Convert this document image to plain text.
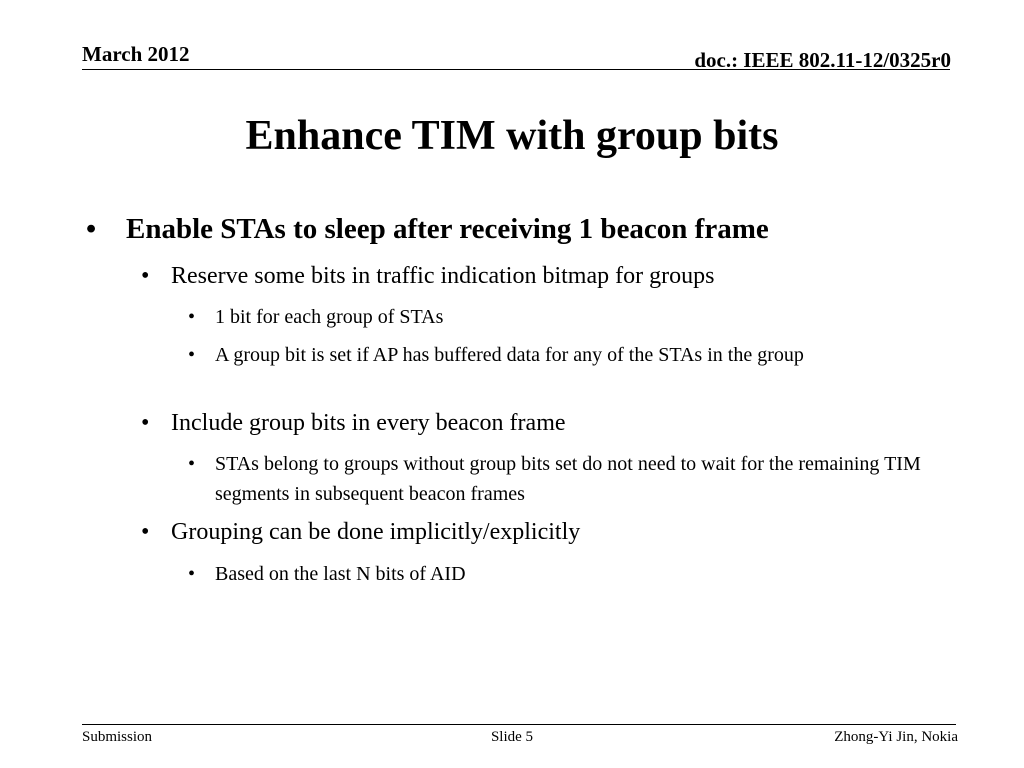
March 2012	doc.: IEEE 802.11-12/0325r0
Enhance TIM with group bits
•	Enable STAs to sleep after receiving 1 beacon frame
• Reserve some bits in traffic indication bitmap for groups
• 1 bit for each group of STAs
• A group bit is set if AP has buffered data for any of the STAs in the group
• Include group bits in every beacon frame
• STAs belong to groups without group bits set do not need to wait for the remaining TIM segments in subsequent beacon frames
• Grouping can be done implicitly/explicitly
• Based on the last N bits of AID
Submission	Slide 5	Zhong-Yi Jin, Nokia
